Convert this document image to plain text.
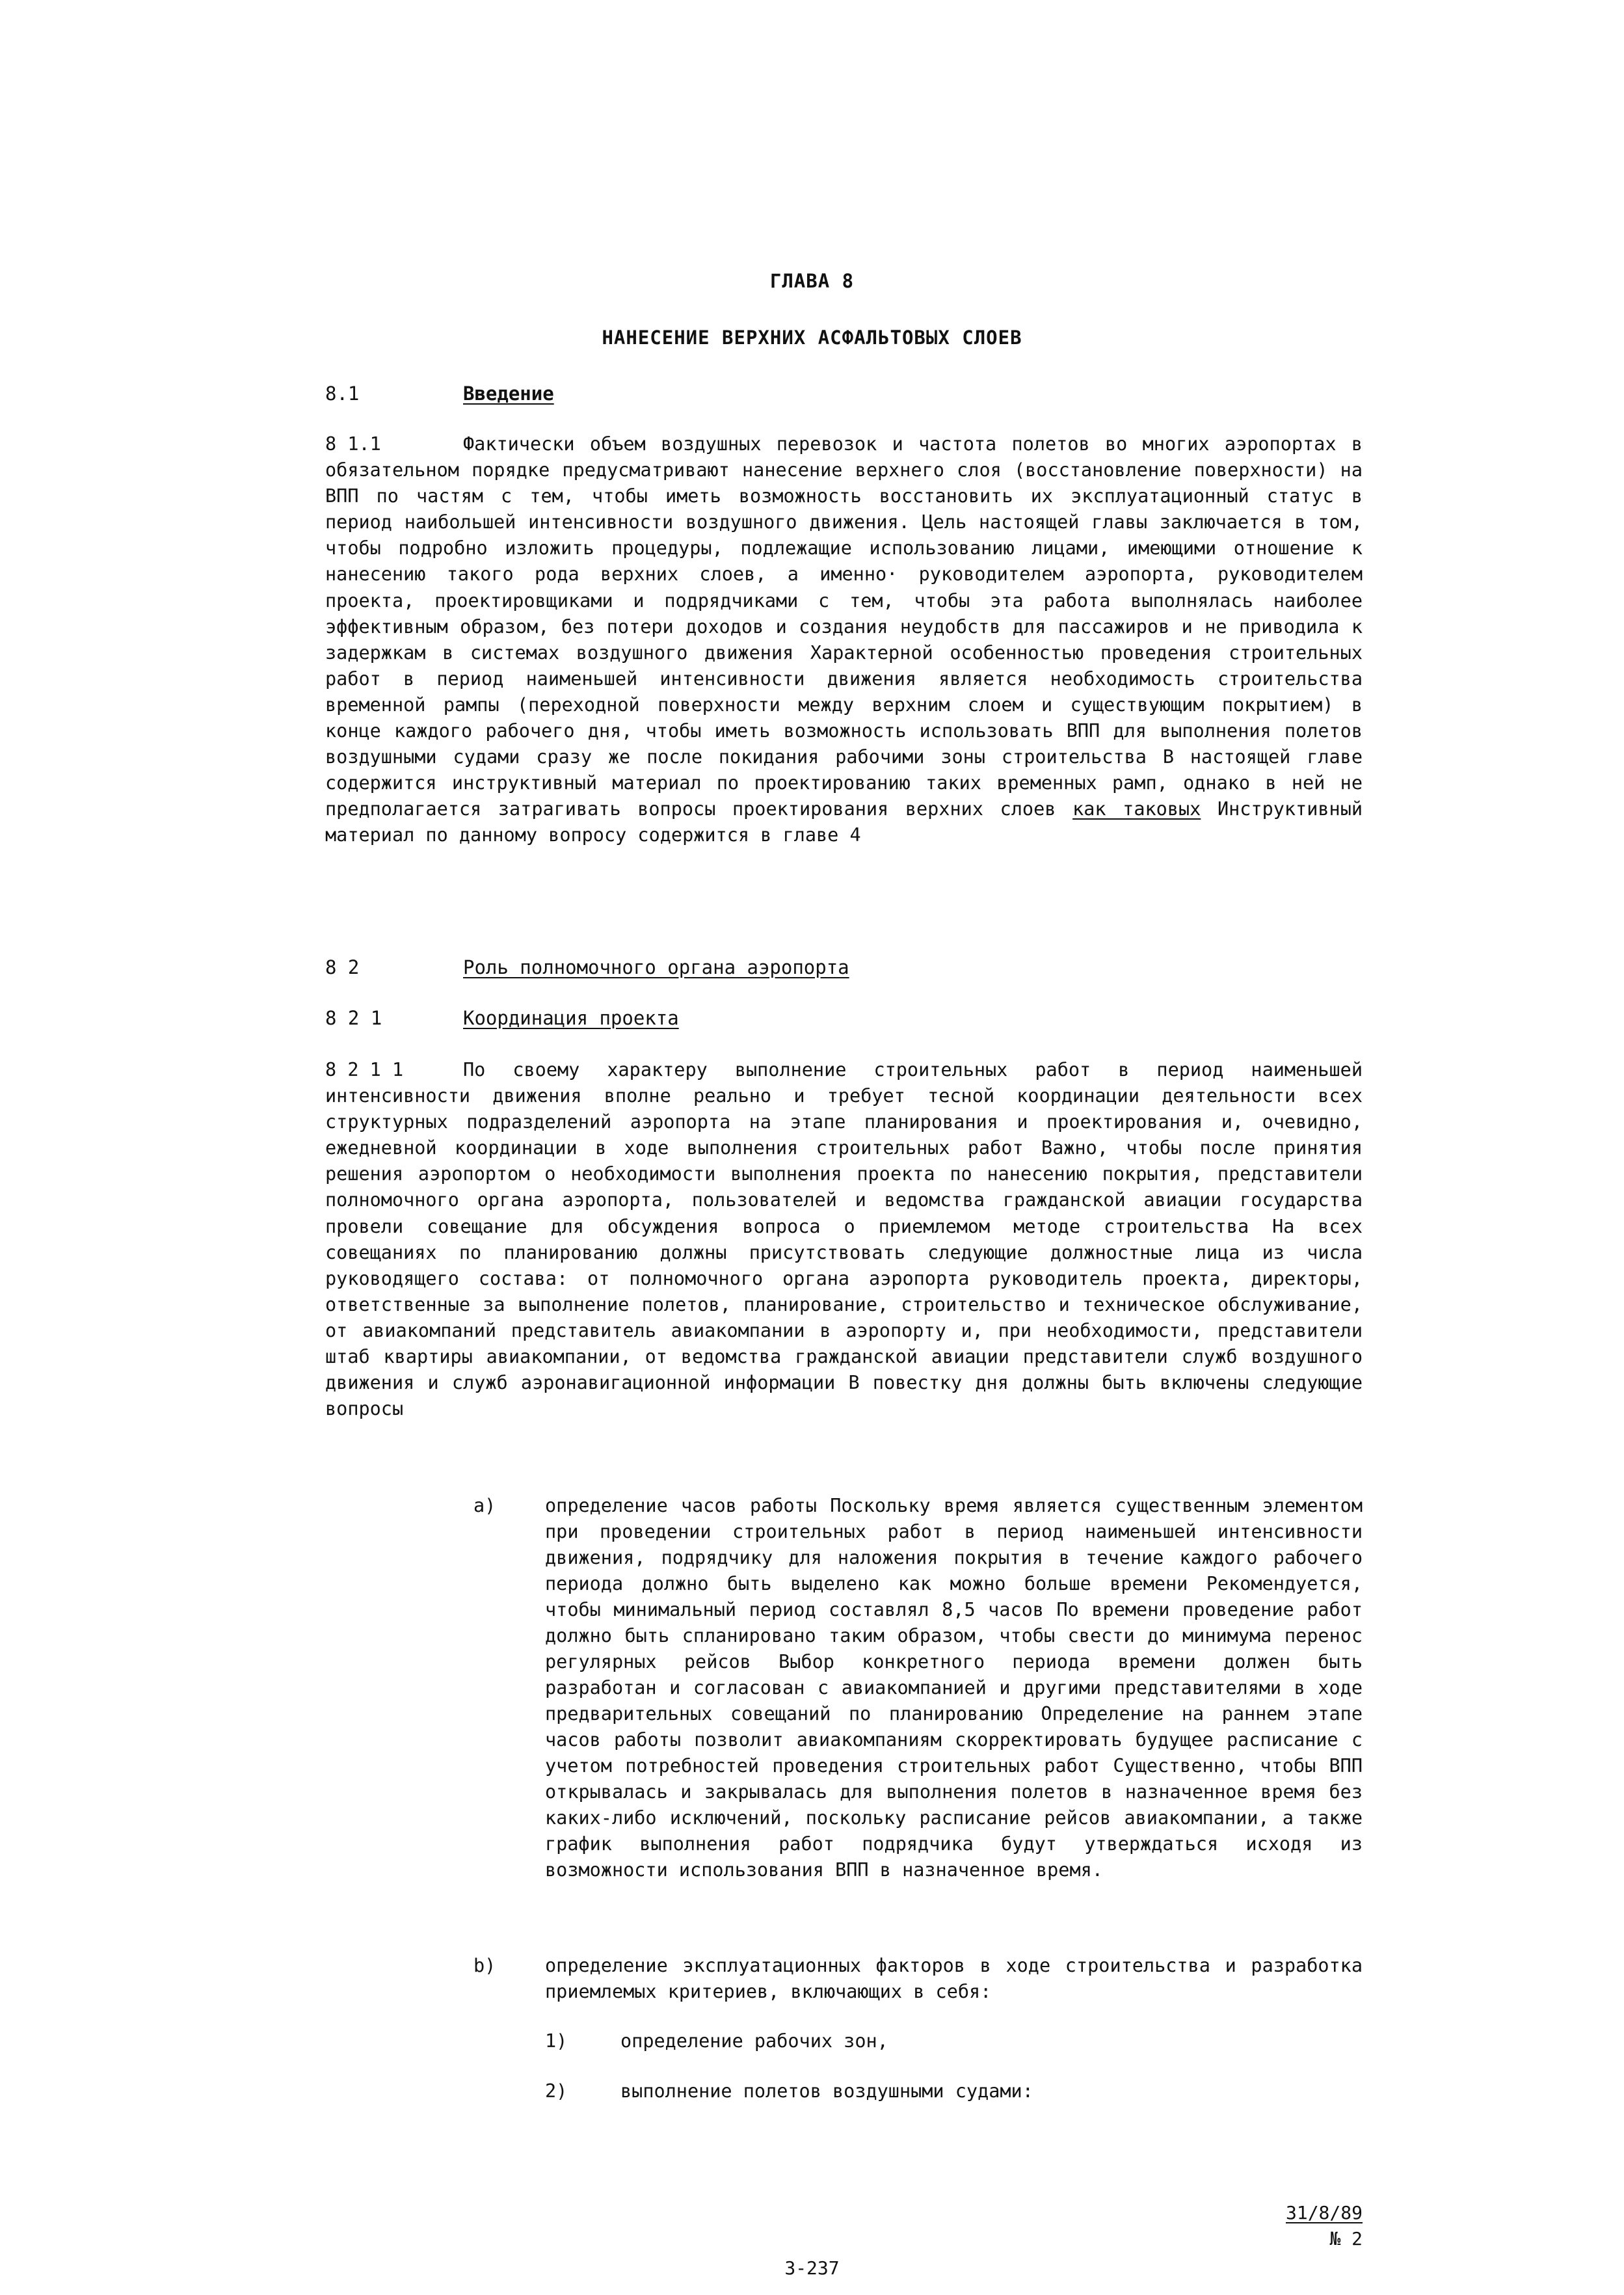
ГЛАВА 8
НАНЕСЕНИЕ ВЕРХНИХ АСФАЛЬТОВЫХ СЛОЕВ
8.1	Введение
8 1.1	Фактически объем воздушных перевозок и частота полетов во многих аэропортах в обязательном порядке предусматривают нанесение верхнего слоя (восстановление поверхности) на ВПП по частям с тем, чтобы иметь возможность восстановить их эксплуатационный статус в период наибольшей интенсивности воздушного движения. Цель настоящей главы заключается в том, чтобы подробно изложить процедуры, подлежащие использованию лицами, имеющими отношение к нанесению такого рода верхних слоев, а именно· руководителем аэропорта, руководителем проекта, проектировщиками и подрядчиками с тем, чтобы эта работа выполнялась наиболее эффективным образом, без потери доходов и создания неудобств для пассажиров и не приводила к задержкам в системах воздушного движения Характерной особенностью проведения строительных работ в период наименьшей интенсивности движения является необходимость строительства временной рампы (переходной поверхности между верхним слоем и существующим покрытием) в конце каждого рабочего дня, чтобы иметь возможность использовать ВПП для выполнения полетов воздушными судами сразу же после покидания рабочими зоны строительства В настоящей главе содержится инструктивный материал по проектированию таких временных рамп, однако в ней не предполагается затрагивать вопросы проектирования верхних слоев как таковых Инструктивный материал по данному вопросу содержится в главе 4
8 2	Роль полномочного органа аэропорта
8 2 1	Координация проекта
8 2 1 1	По своему характеру выполнение строительных работ в период наименьшей интенсивности движения вполне реально и требует тесной координации деятельности всех структурных подразделений аэропорта на этапе планирования и проектирования и, очевидно, ежедневной координации в ходе выполнения строительных работ Важно, чтобы после принятия решения аэропортом о необходимости выполнения проекта по нанесению покрытия, представители полномочного органа аэропорта, пользователей и ведомства гражданской авиации государства провели совещание для обсуждения вопроса о приемлемом методе строительства На всех совещаниях по планированию должны присутствовать следующие должностные лица из числа руководящего состава: от полномочного органа аэропорта руководитель проекта, директоры, ответственные за выполнение полетов, планирование, строительство и техническое обслуживание, от авиакомпаний представитель авиакомпании в аэропорту и, при необходимости, представители штаб квартиры авиакомпании, от ведомства гражданской авиации представители служб воздушного движения и служб аэронавигационной информации В повестку дня должны быть включены следующие вопросы
a)	определение часов работы Поскольку время является существенным элементом при проведении строительных работ в период наименьшей интенсивности движения, подрядчику для наложения покрытия в течение каждого рабочего периода должно быть выделено как можно больше времени Рекомендуется, чтобы минимальный период составлял 8,5 часов По времени проведение работ должно быть спланировано таким образом, чтобы свести до минимума перенос регулярных рейсов Выбор конкретного периода времени должен быть разработан и согласован с авиакомпанией и другими представителями в ходе предварительных совещаний по планированию Определение на раннем этапе часов работы позволит авиакомпаниям скорректировать будущее расписание с учетом потребностей проведения строительных работ Существенно, чтобы ВПП открывалась и закрывалась для выполнения полетов в назначенное время без каких-либо исключений, поскольку расписание рейсов авиакомпании, а также график выполнения работ подрядчика будут утверждаться исходя из возможности использования ВПП в назначенное время.
b)	определение эксплуатационных факторов в ходе строительства и разработка приемлемых критериев, включающих в себя:
1)	определение рабочих зон,
2)	выполнение полетов воздушными судами:
31/8/89
№ 2
3-237
